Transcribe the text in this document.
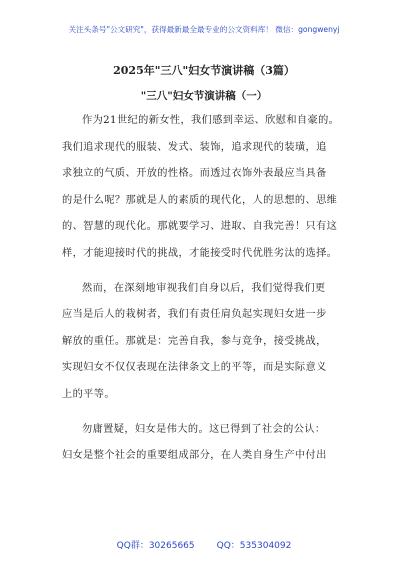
关注头条号"公文研究"，获得最新最全最专业的公文资料库！ 微信：gongwenyj
2025年"三八"妇女节演讲稿（3篇）
"三八"妇女节演讲稿（一）
作为21世纪的新女性，我们感到幸运、欣慰和自豪的。
我们追求现代的服装、发式、装饰，追求现代的装璜，追
求独立的气质、开放的性格。而透过衣饰外表最应当具备
的是什么呢？那就是人的素质的现代化，人的思想的、思维
的、智慧的现代化。那就要学习、进取、自我完善！只有这
样，才能迎接时代的挑战，才能接受时代优胜劣汰的选择。
然而，在深刻地审视我们自身以后，我们觉得我们更
应当是后人的栽树者，我们有责任肩负起实现妇女进一步
解放的重任。那就是：完善自我，参与竞争，接受挑战，
实现妇女不仅仅表现在法律条文上的平等，而是实际意义
上的平等。
勿庸置疑，妇女是伟大的。这已得到了社会的公认：
妇女是整个社会的重要组成部分，在人类自身生产中付出
QQ群：30265665 QQ：535304092
